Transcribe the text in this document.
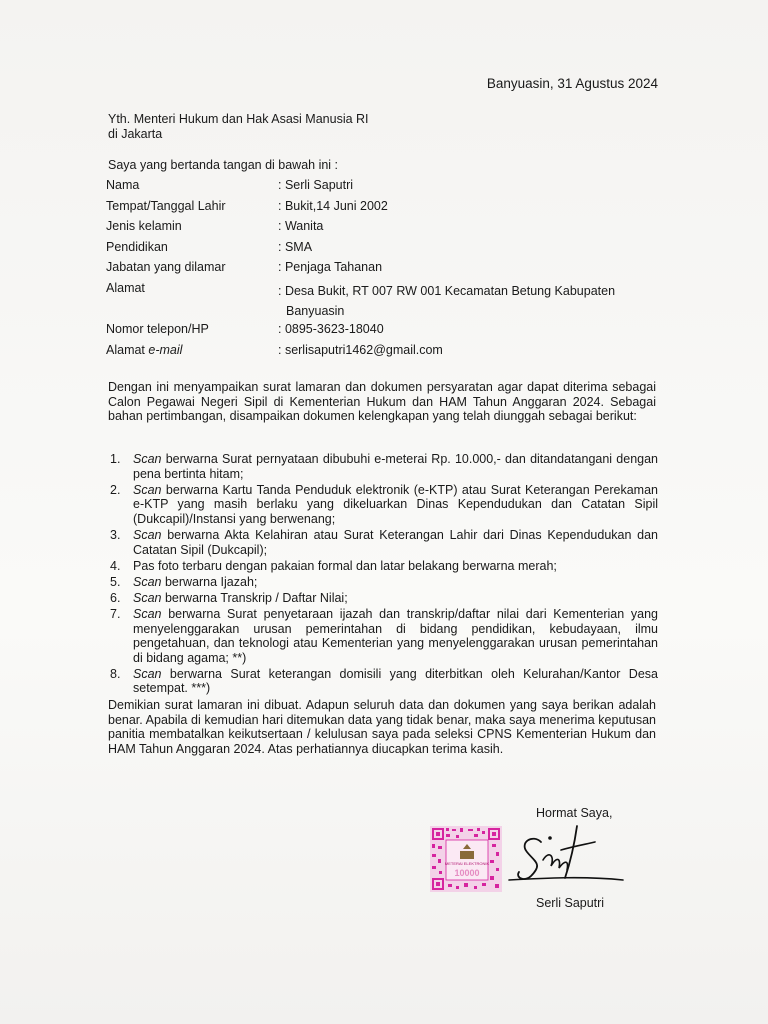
Banyuasin, 31 Agustus 2024
Yth. Menteri Hukum dan Hak Asasi Manusia RI
di Jakarta
Saya yang bertanda tangan di bawah ini :
Nama	: Serli Saputri
Tempat/Tanggal Lahir	: Bukit,14 Juni 2002
Jenis kelamin	: Wanita
Pendidikan	: SMA
Jabatan yang dilamar	: Penjaga Tahanan
Alamat	: Desa Bukit, RT 007 RW 001 Kecamatan Betung Kabupaten
Banyuasin

Nomor telepon/HP	: 0895-3623-18040
Alamat e-mail	: serlisaputri1462@gmail.com
Dengan ini menyampaikan surat lamaran dan dokumen persyaratan agar dapat diterima sebagai Calon Pegawai Negeri Sipil di Kementerian Hukum dan HAM Tahun Anggaran 2024. Sebagai bahan pertimbangan, disampaikan dokumen kelengkapan yang telah diunggah sebagai berikut:
1. Scan berwarna Surat pernyataan dibubuhi e-meterai Rp. 10.000,- dan ditandatangani dengan pena bertinta hitam;
2. Scan berwarna Kartu Tanda Penduduk elektronik (e-KTP) atau Surat Keterangan Perekaman e-KTP yang masih berlaku yang dikeluarkan Dinas Kependudukan dan Catatan Sipil (Dukcapil)/Instansi yang berwenang;
3. Scan berwarna Akta Kelahiran atau Surat Keterangan Lahir dari Dinas Kependudukan dan Catatan Sipil (Dukcapil);
4. Pas foto terbaru dengan pakaian formal dan latar belakang berwarna merah;
5. Scan berwarna Ijazah;
6. Scan berwarna Transkrip / Daftar Nilai;
7. Scan berwarna Surat penyetaraan ijazah dan transkrip/daftar nilai dari Kementerian yang menyelenggarakan urusan pemerintahan di bidang pendidikan, kebudayaan, ilmu pengetahuan, dan teknologi atau Kementerian yang menyelenggarakan urusan pemerintahan di bidang agama; **)
8. Scan berwarna Surat keterangan domisili yang diterbitkan oleh Kelurahan/Kantor Desa setempat. ***)
Demikian surat lamaran ini dibuat. Adapun seluruh data dan dokumen yang saya berikan adalah benar. Apabila di kemudian hari ditemukan data yang tidak benar, maka saya menerima keputusan panitia membatalkan keikutsertaan / kelulusan saya pada seleksi CPNS Kementerian Hukum dan HAM Tahun Anggaran 2024. Atas perhatiannya diucapkan terima kasih.
Hormat Saya,
METERAI ELEKTRONIK
10000
Serli Saputri
